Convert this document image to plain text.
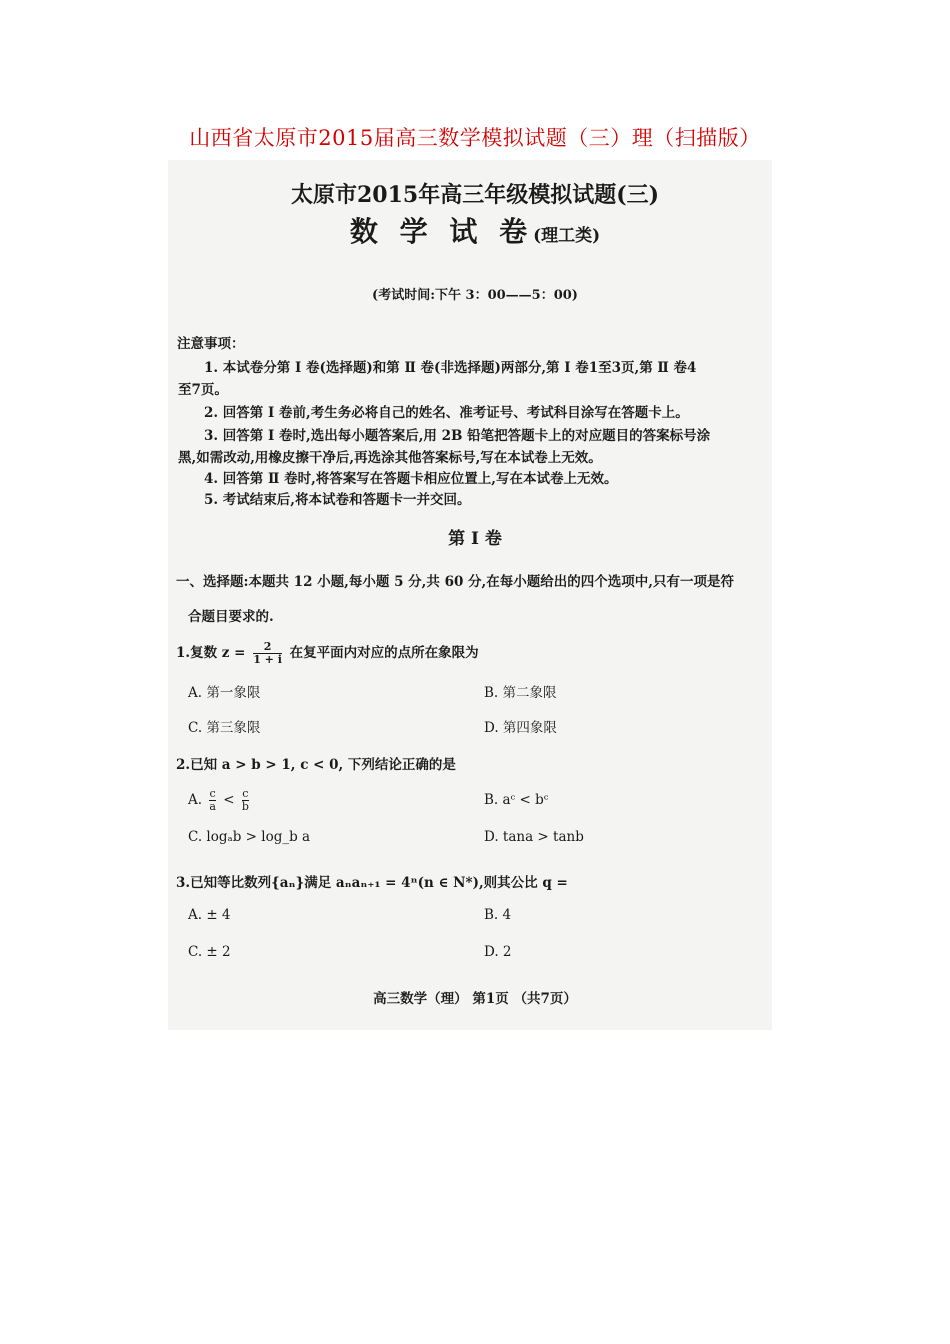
山西省太原市2015届高三数学模拟试题（三）理（扫描版）
太原市2015年高三年级模拟试题(三)
数 学 试 卷(理工类)
(考试时间:下午 3：00——5：00)
注意事项：
1. 本试卷分第 Ⅰ 卷(选择题)和第 Ⅱ 卷(非选择题)两部分,第 Ⅰ 卷1至3页,第 Ⅱ 卷4
至7页。
2. 回答第 Ⅰ 卷前,考生务必将自己的姓名、准考证号、考试科目涂写在答题卡上。
3. 回答第 Ⅰ 卷时,选出每小题答案后,用 2B 铅笔把答题卡上的对应题目的答案标号涂
黑,如需改动,用橡皮擦干净后,再选涂其他答案标号,写在本试卷上无效。
4. 回答第 Ⅱ 卷时,将答案写在答题卡相应位置上,写在本试卷上无效。
5. 考试结束后,将本试卷和答题卡一并交回。
第 Ⅰ 卷
一、选择题:本题共 12 小题,每小题 5 分,共 60 分,在每小题给出的四个选项中,只有一项是符
合题目要求的.
1.复数 $z = \frac{2}{1 + i}$ 在复平面内对应的点所在象限为
A. 第一象限	B. 第二象限
C. 第三象限	D. 第四象限
2.已知 a > b > 1, c < 0, 下列结论正确的是
A. $\frac{c}{a} < \frac{c}{b}$	B. aᶜ < bᶜ
C. logₐb > log_b a	D. tana > tanb
3.已知等比数列{aₙ}满足 aₙaₙ₊₁ = 4ⁿ(n ∈ N*),则其公比 q =
A. ± 4	B. 4
C. ± 2	D. 2
高三数学（理） 第1页 （共7页）
